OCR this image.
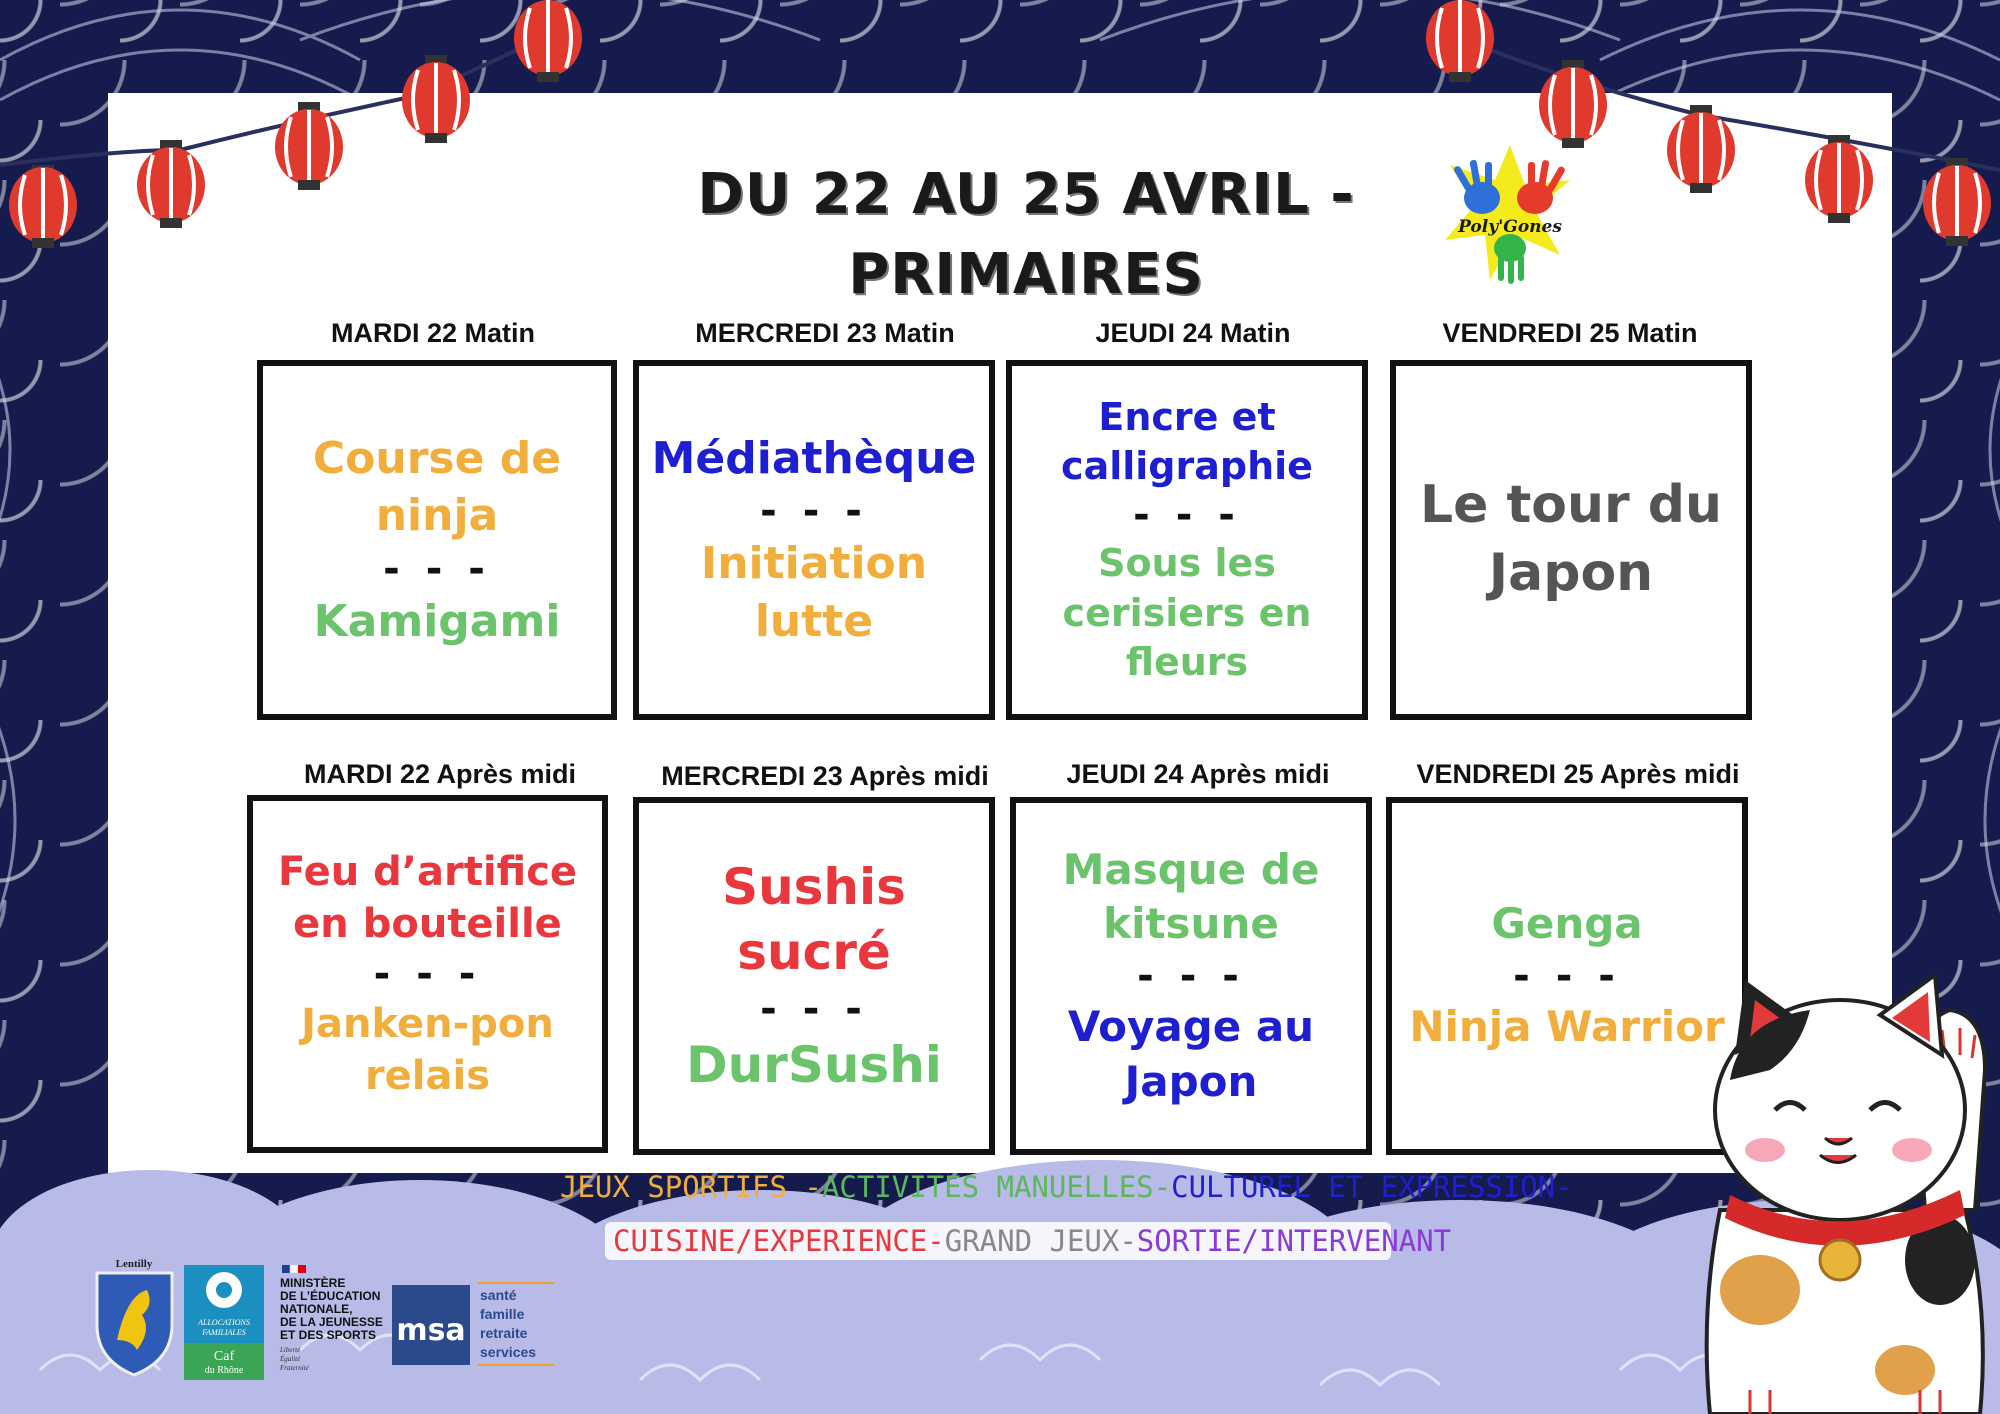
DU 22 AU 25 AVRIL - PRIMAIRES
Poly'Gones
MARDI 22 Matin	MERCREDI 23 Matin	JEUDI 24 Matin	VENDREDI 25 Matin
Course de ninja
- - -
Kamigami
Médiathèque
- - -
Initiation lutte
Encre et calligraphie
- - -
Sous les cerisiers en fleurs
Le tour du Japon
MARDI 22 Après midi	MERCREDI 23 Après midi	JEUDI 24 Après midi	VENDREDI 25 Après midi
Feu d’artifice en bouteille
- - -
Janken-pon relais
Sushis sucré
- - -
DurSushi
Masque de kitsune
- - -
Voyage au Japon
Genga
- - -
Ninja Warrior
JEUX SPORTIFS -ACTIVITES MANUELLES-CULTUREL ET EXPRESSION-
CUISINE/EXPERIENCE-GRAND JEUX-SORTIE/INTERVENANT
Lentilly
ALLOCATIONS
FAMILIALES
Caf
du Rhône
MINISTÈRE
DE L’ÉDUCATION
NATIONALE,
DE LA JEUNESSE
ET DES SPORTS
Liberté
Égalité
Fraternité
msa
santé
famille
retraite
services
